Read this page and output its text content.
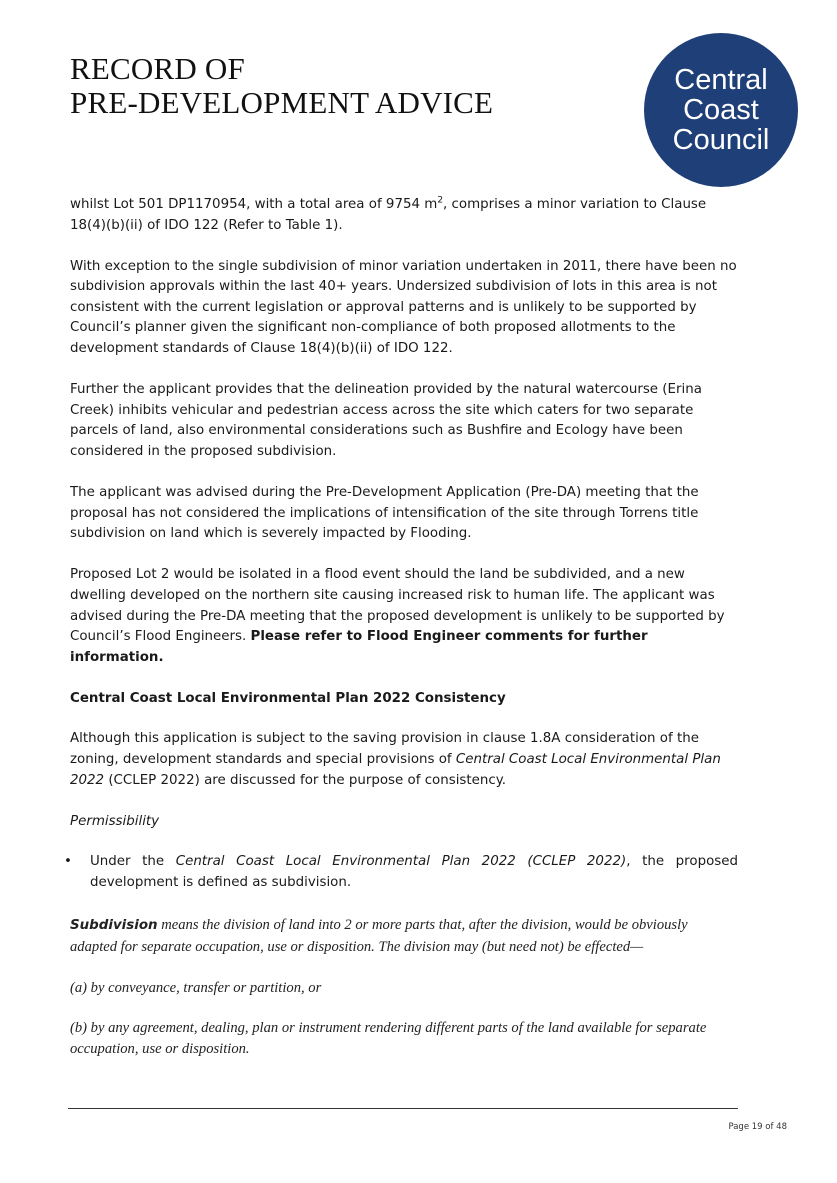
RECORD OF
PRE-DEVELOPMENT ADVICE
Central
Coast
Council

whilst Lot 501 DP1170954, with a total area of 9754 $m^2$, comprises a minor variation to Clause 18(4)(b)(ii) of IDO 122 (Refer to Table 1).

With exception to the single subdivision of minor variation undertaken in 2011, there have been no subdivision approvals within the last 40+ years. Undersized subdivision of lots in this area is not consistent with the current legislation or approval patterns and is unlikely to be supported by Council’s planner given the significant non-compliance of both proposed allotments to the development standards of Clause 18(4)(b)(ii) of IDO 122.

Further the applicant provides that the delineation provided by the natural watercourse (Erina Creek) inhibits vehicular and pedestrian access across the site which caters for two separate parcels of land, also environmental considerations such as Bushfire and Ecology have been considered in the proposed subdivision.

The applicant was advised during the Pre-Development Application (Pre-DA) meeting that the proposal has not considered the implications of intensification of the site through Torrens title subdivision on land which is severely impacted by Flooding.

Proposed Lot 2 would be isolated in a flood event should the land be subdivided, and a new dwelling developed on the northern site causing increased risk to human life. The applicant was advised during the Pre-DA meeting that the proposed development is unlikely to be supported by Council’s Flood Engineers. Please refer to Flood Engineer comments for further information.

Central Coast Local Environmental Plan 2022 Consistency

Although this application is subject to the saving provision in clause 1.8A consideration of the zoning, development standards and special provisions of Central Coast Local Environmental Plan 2022 (CCLEP 2022) are discussed for the purpose of consistency.

Permissibility
• Under the Central Coast Local Environmental Plan 2022 (CCLEP 2022), the proposed development is defined as subdivision.

Subdivision means the division of land into 2 or more parts that, after the division, would be obviously adapted for separate occupation, use or disposition. The division may (but need not) be effected—

(a) by conveyance, transfer or partition, or

(b) by any agreement, dealing, plan or instrument rendering different parts of the land available for separate occupation, use or disposition.

Page 19 of 48
